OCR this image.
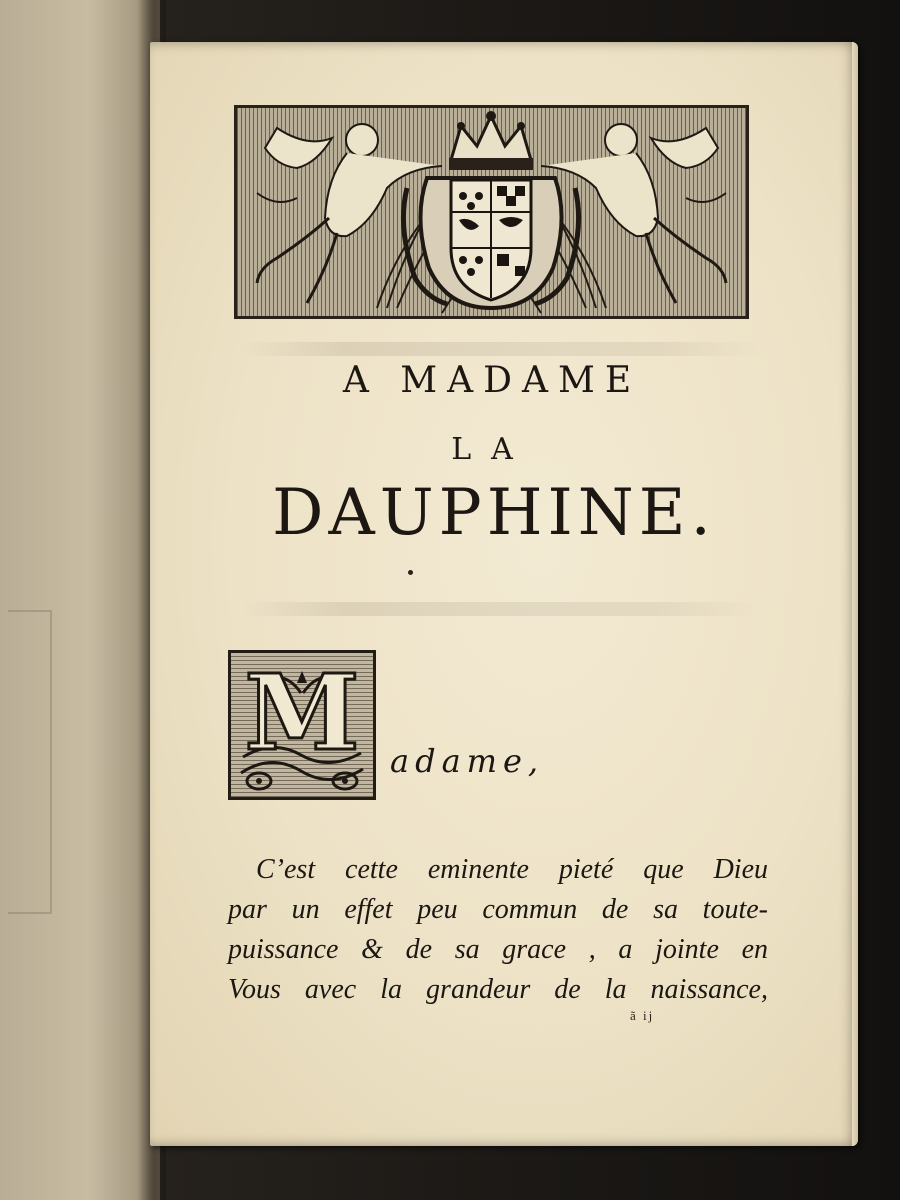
A MADAME

LA

DAUPHINE.

M adame,

C’est cette eminente pieté que Dieu
par un effet peu commun de sa toute-
puissance & de sa grace , a jointe en
Vous avec la grandeur de la naissance,

ã ij
